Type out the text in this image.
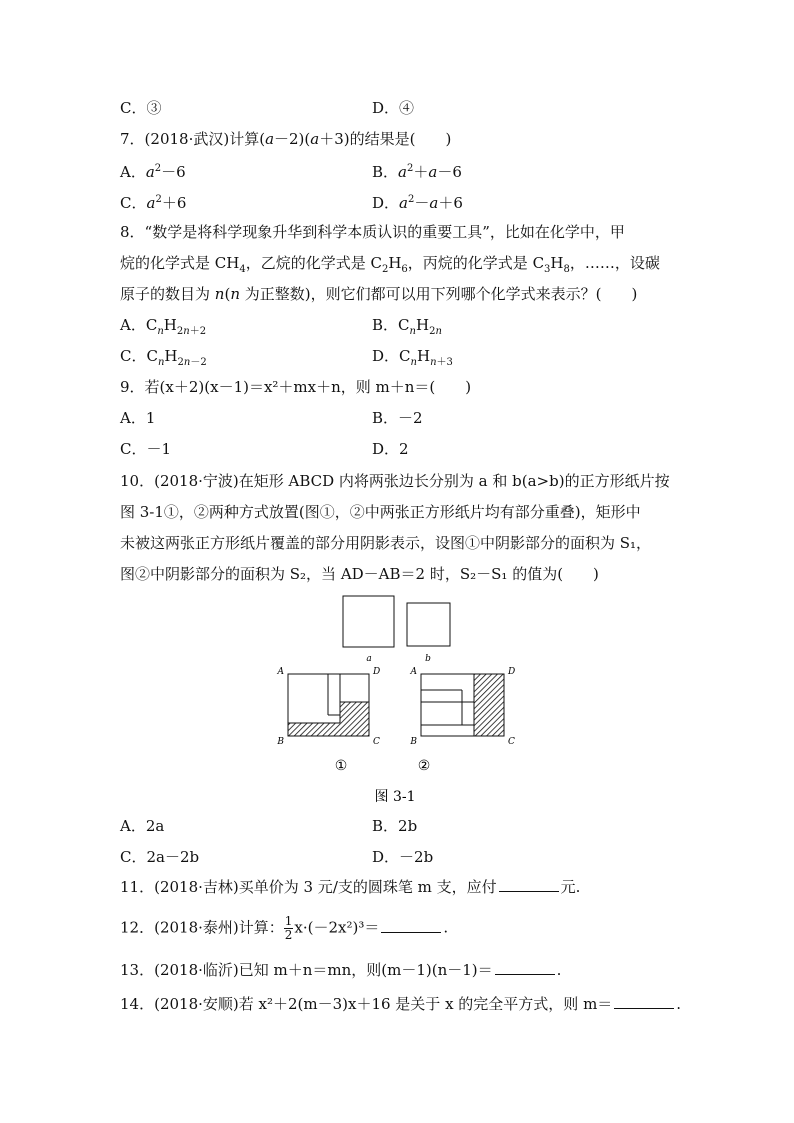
C．③	D．④
7．(2018·武汉)计算(a－2)(a＋3)的结果是(　　)
A．$a^2-6$	B．$a^2+a-6$
C．$a^2+6$	D．$a^2-a+6$
8．“数学是将科学现象升华到科学本质认识的重要工具”，比如在化学中，甲
烷的化学式是 $CH_4$，乙烷的化学式是 $C_2H_6$，丙烷的化学式是 $C_3H_8$，……，设碳
原子的数目为 n(n 为正整数)，则它们都可以用下列哪个化学式来表示？(　　)
A．$C_nH_{2n+2}$	B．$C_nH_{2n}$
C．$C_nH_{2n-2}$	D．$C_nH_{n+3}$
9．若(x＋2)(x－1)＝x²＋mx＋n，则 m＋n＝(　　)
A．1	B．－2
C．－1	D．2
10．(2018·宁波)在矩形 ABCD 内将两张边长分别为 a 和 b(a>b)的正方形纸片按
图 3-1①，②两种方式放置(图①，②中两张正方形纸片均有部分重叠)，矩形中
未被这两张正方形纸片覆盖的部分用阴影表示，设图①中阴影部分的面积为 S₁，
图②中阴影部分的面积为 S₂，当 AD－AB＝2 时，S₂－S₁ 的值为(　　)
a	b
A	D
B	C
①
A	D
B	C
②
图 3-1
A．2a	B．2b
C．2a－2b	D．－2b
11．(2018·吉林)买单价为 3 元/支的圆珠笔 m 支，应付	元.
12．(2018·泰州)计算： $\frac{1}{2} x\cdot(-2x^2)^3=$	.
13．(2018·临沂)已知 m＋n＝mn，则(m－1)(n－1)＝	.
14．(2018·安顺)若 x²＋2(m－3)x＋16 是关于 x 的完全平方式，则 m＝	.
